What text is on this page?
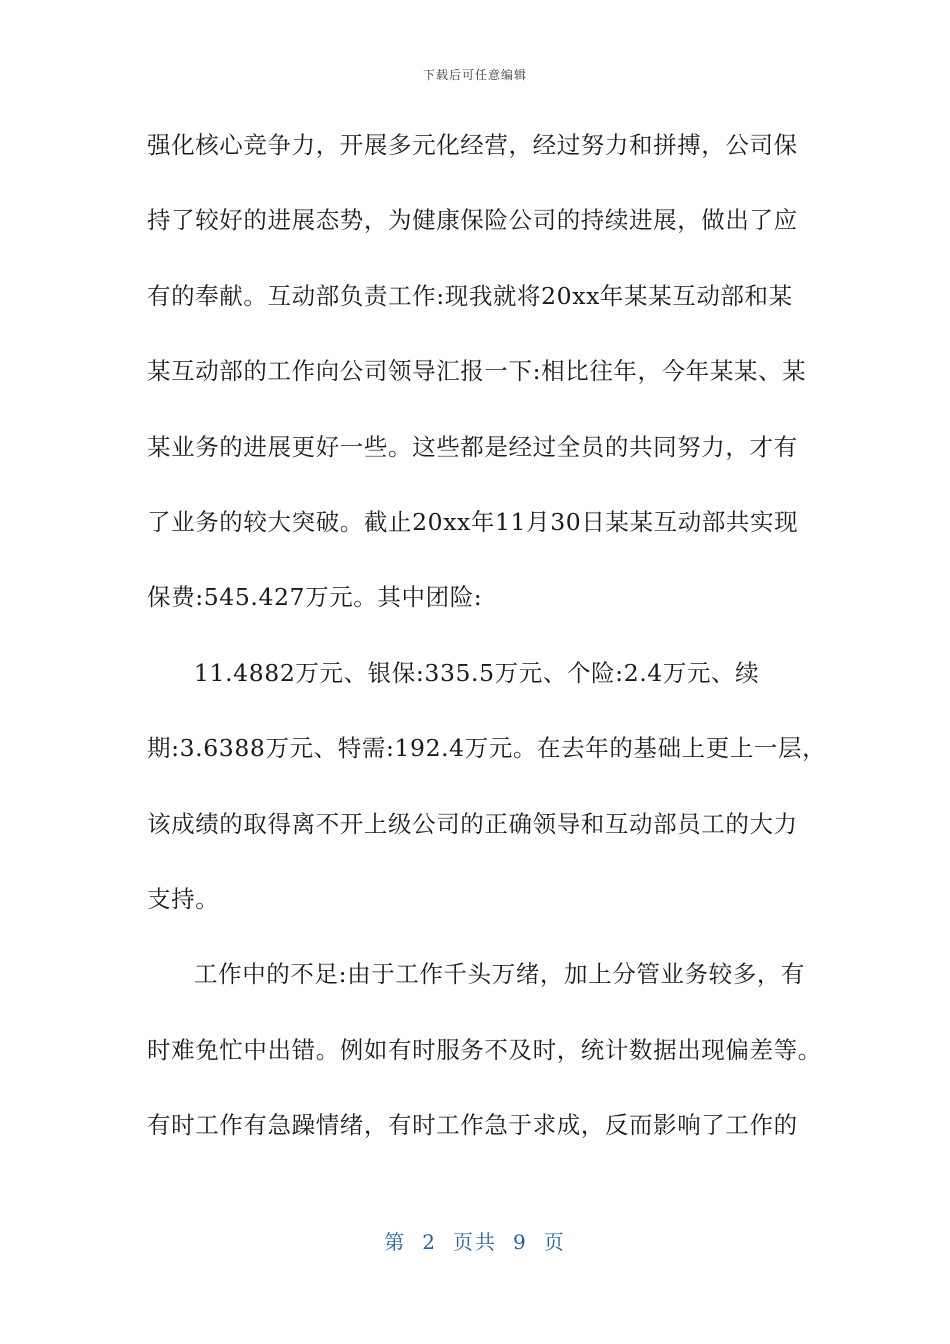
下载后可任意编辑
强化核心竞争力，开展多元化经营，经过努力和拼搏，公司保
持了较好的进展态势，为健康保险公司的持续进展，做出了应
有的奉献。互动部负责工作:现我就将20xx年某某互动部和某
某互动部的工作向公司领导汇报一下:相比往年，今年某某、某
某业务的进展更好一些。这些都是经过全员的共同努力，才有
了业务的较大突破。截止20xx年11月30日某某互动部共实现
保费:545.427万元。其中团险:
11.4882万元、银保:335.5万元、个险:2.4万元、续
期:3.6388万元、特需:192.4万元。在去年的基础上更上一层，
该成绩的取得离不开上级公司的正确领导和互动部员工的大力
支持。
工作中的不足:由于工作千头万绪，加上分管业务较多，有
时难免忙中出错。例如有时服务不及时，统计数据出现偏差等。
有时工作有急躁情绪，有时工作急于求成，反而影响了工作的
第 2 页共 9 页
